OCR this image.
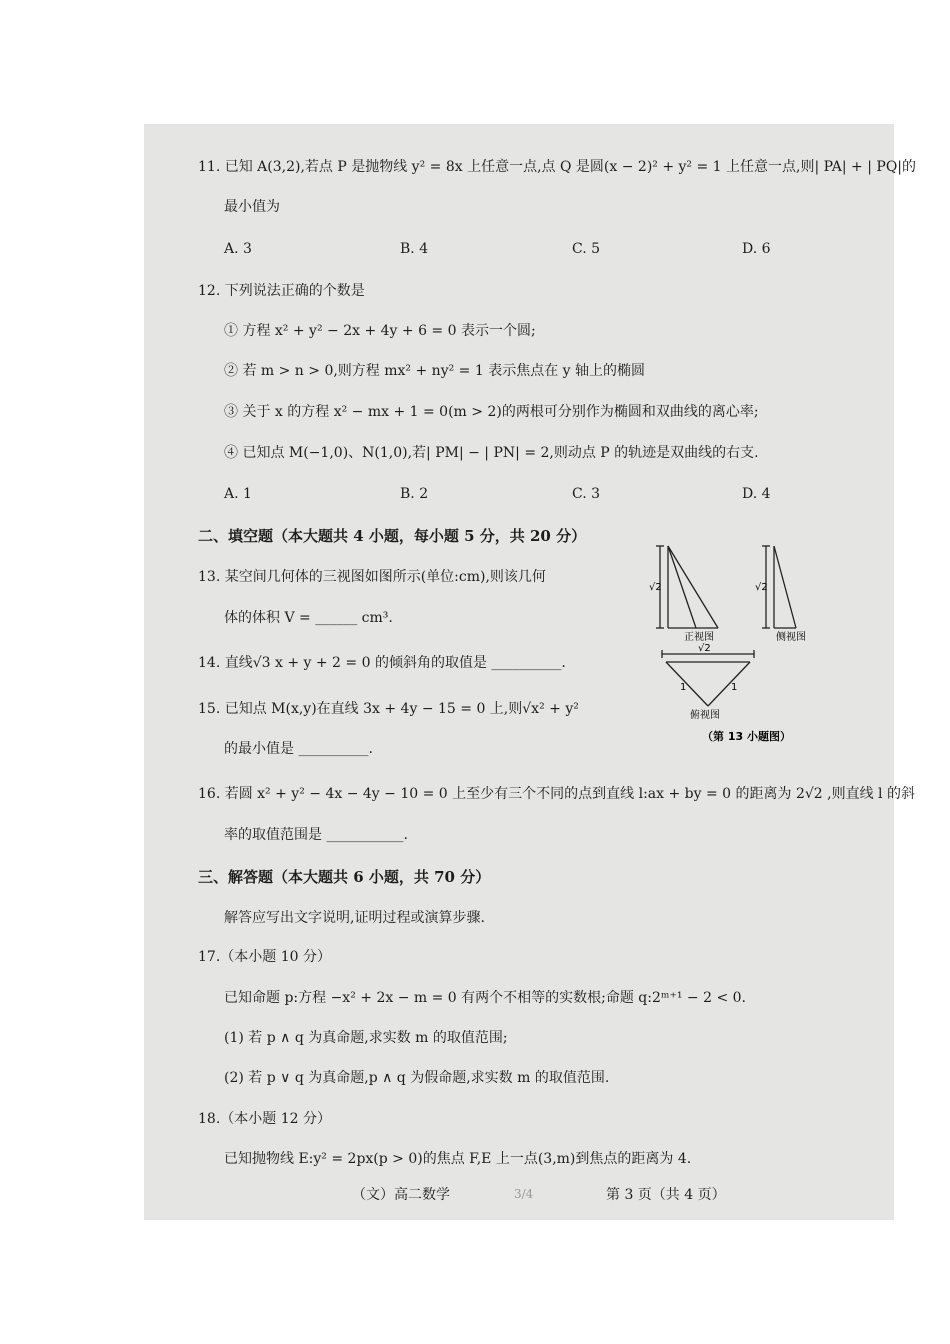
11. 已知 A(3,2),若点 P 是抛物线 y² = 8x 上任意一点,点 Q 是圆(x − 2)² + y² = 1 上任意一点,则| PA| + | PQ|的
最小值为
A. 3	B. 4	C. 5	D. 6
12. 下列说法正确的个数是
① 方程 x² + y² − 2x + 4y + 6 = 0 表示一个圆;
② 若 m > n > 0,则方程 mx² + ny² = 1 表示焦点在 y 轴上的椭圆
③ 关于 x 的方程 x² − mx + 1 = 0(m > 2)的两根可分别作为椭圆和双曲线的离心率;
④ 已知点 M(−1,0)、N(1,0),若| PM| − | PN| = 2,则动点 P 的轨迹是双曲线的右支.
A. 1	B. 2	C. 3	D. 4
二、填空题（本大题共 4 小题，每小题 5 分，共 20 分）
13. 某空间几何体的三视图如图所示(单位:cm),则该几何
体的体积 V = ______ cm³.
14. 直线√3 x + y + 2 = 0 的倾斜角的取值是 __________.
15. 已知点 M(x,y)在直线 3x + 4y − 15 = 0 上,则√x² + y²
的最小值是 __________.
√2	√2
√2
1	1
正视图	侧视图
俯视图
（第 13 小题图）
16. 若圆 x² + y² − 4x − 4y − 10 = 0 上至少有三个不同的点到直线 l:ax + by = 0 的距离为 2√2 ,则直线 l 的斜
率的取值范围是 ___________.
三、解答题（本大题共 6 小题，共 70 分）
解答应写出文字说明,证明过程或演算步骤.
17.（本小题 10 分）
已知命题 p:方程 −x² + 2x − m = 0 有两个不相等的实数根;命题 q:2ᵐ⁺¹ − 2 < 0.
(1) 若 p ∧ q 为真命题,求实数 m 的取值范围;
(2) 若 p ∨ q 为真命题,p ∧ q 为假命题,求实数 m 的取值范围.
18.（本小题 12 分）
已知抛物线 E:y² = 2px(p > 0)的焦点 F,E 上一点(3,m)到焦点的距离为 4.
（文）高二数学	3/4	第 3 页（共 4 页）
